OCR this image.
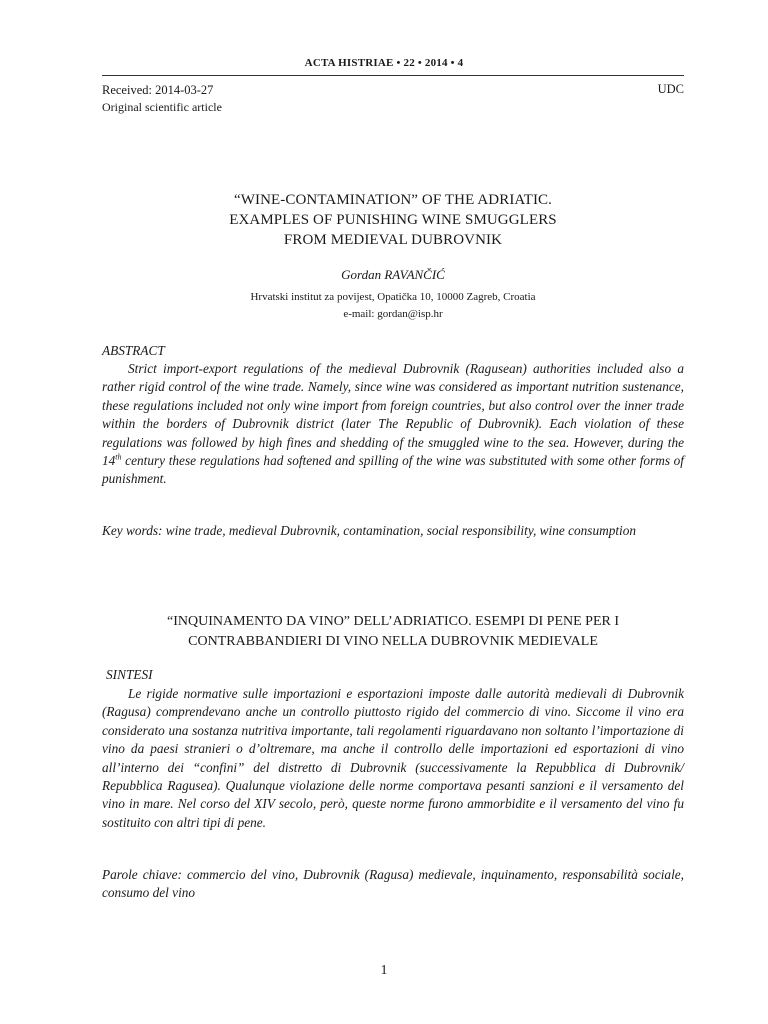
ACTA HISTRIAE • 22 • 2014 • 4
Received: 2014-03-27
Original scientific article
UDC
“WINE-CONTAMINATION” OF THE ADRIATIC.
EXAMPLES OF PUNISHING WINE SMUGGLERS
FROM MEDIEVAL DUBROVNIK
Gordan RAVANČIĆ
Hrvatski institut za povijest, Opatička 10, 10000 Zagreb, Croatia
e-mail: gordan@isp.hr
ABSTRACT

Strict import-export regulations of the medieval Dubrovnik (Ragusean) authorities included also a rather rigid control of the wine trade. Namely, since wine was considered as important nutrition sustenance, these regulations included not only wine import from foreign countries, but also control over the inner trade within the borders of Dubrovnik district (later The Republic of Dubrovnik). Each violation of these regulations was followed by high fines and shedding of the smuggled wine to the sea. However, during the 14th century these regulations had softened and spilling of the wine was substituted with some other forms of punishment.

Key words: wine trade, medieval Dubrovnik, contamination, social responsibility, wine consumption
“INQUINAMENTO DA VINO” DELL’ADRIATICO. ESEMPI DI PENE PER I
CONTRABBANDIERI DI VINO NELLA DUBROVNIK MEDIEVALE
SINTESI

Le rigide normative sulle importazioni e esportazioni imposte dalle autorità medievali di Dubrovnik (Ragusa) comprendevano anche un controllo piuttosto rigido del commercio di vino. Siccome il vino era considerato una sostanza nutritiva importante, tali regolamenti riguardavano non soltanto l’importazione di vino da paesi stranieri o d’oltremare, ma anche il controllo delle importazioni ed esportazioni di vino all’interno dei “confini” del distretto di Dubrovnik (successivamente la Repubblica di Dubrovnik/ Repubblica Ragusea). Qualunque violazione delle norme comportava pesanti sanzioni e il versamento del vino in mare. Nel corso del XIV secolo, però, queste norme furono ammorbidite e il versamento del vino fu sostituito con altri tipi di pene.

Parole chiave: commercio del vino, Dubrovnik (Ragusa) medievale, inquinamento, responsabilità sociale, consumo del vino
1
